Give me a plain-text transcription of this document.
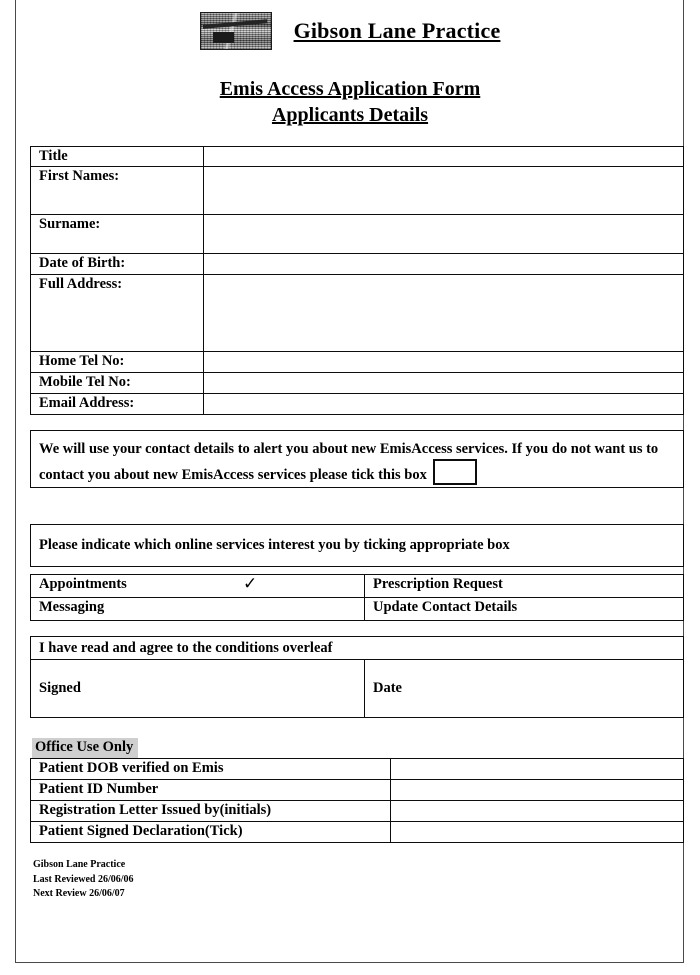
Gibson Lane Practice
Emis Access Application Form
Applicants Details
Title	
First Names:	
Surname:	
Date of Birth:	
Full Address:	
Home Tel No:	
Mobile Tel No:	
Email Address:	

We will use your contact details to alert you about new EmisAccess services. If you do not want us to contact you about new EmisAccess services please tick this box

Please indicate which online services interest you by ticking appropriate box
Appointments ✓	Prescription Request
Messaging	Update Contact Details
I have read and agree to the conditions overleaf
Signed	Date
Office Use Only
Patient DOB verified on Emis	
Patient ID Number	
Registration Letter Issued by(initials)	
Patient Signed Declaration(Tick)	
Gibson Lane Practice
Last Reviewed 26/06/06
Next Review 26/06/07
